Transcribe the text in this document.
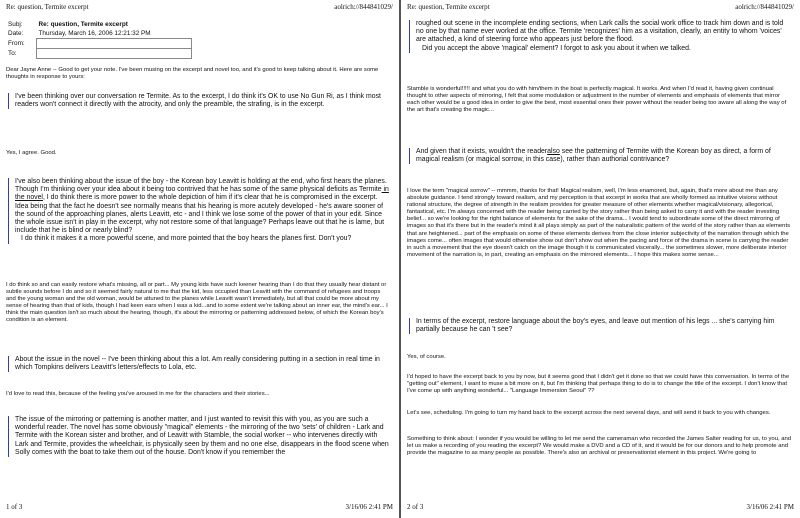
Re: question, Termite excerpt	aolrich://844841029/
Subj:	Re: question, Termite excerpt
Date:	Thursday, March 16, 2006 12:21:32 PM
From:	
To:	

Dear Jayne Anne -- Good to get your note. I've been musing on the excerpt and novel too, and it's good to keep talking about it. Here are some thoughts in response to yours:

I've been thinking over our conversation re Termite. As to the excerpt, I do think it's OK to use No Gun Ri, as I think most readers won't connect it directly with the atrocity, and only the preamble, the strafing, is in the excerpt.

Yes, I agree. Good.

I've also been thinking about the issue of the boy - the Korean boy Leavitt is holding at the end, who first hears the planes. Though I'm thinking over your idea about it being too contrived that he has some of the same physical deficits as Termite in the novel, I do think there is more power to the whole depiction of him if it's clear that he is compromised in the excerpt. Idea being that the fact he doesn't see normally means that his hearing is more acutely developed - he's aware sooner of the sound of the approaching planes, alerts Leavitt, etc - and I think we lose some of the power of that in your edit. Since the whole issue isn't in play in the excerpt, why not restore some of that language? Perhaps leave out that he is lame, but include that he is blind or nearly blind?

I do think it makes it a more powerful scene, and more pointed that the boy hears the planes first. Don't you?

I do think so and can easily restore what's missing, all or part... My young kids have such keener hearing than I do that they usually hear distant or subtle sounds before I do and so it seemed fairly natural to me that the kid, less occupied than Leavitt with the command of refugees and troops and the young woman and the old woman, would be attuned to the planes while Leavitt wasn't immediately, but all that could be more about my sense of hearing than that of kids, though I had keen ears when I was a kid...and to some extent we're talking about an inner ear, the mind's ear... I think the main question isn't so much about the hearing, though, it's about the mirroring or patterning addressed below, of which the Korean boy's condition is an element.

About the issue in the novel -- I've been thinking about this a lot. Am really considering putting in a section in real time in which Tompkins delivers Leavitt's letters/effects to Lola, etc.

I'd love to read this, because of the feeling you've aroused in me for the characters and their stories...

The issue of the mirroring or patterning is another matter, and I just wanted to revisit this with you, as you are such a wonderful reader. The novel has some obviously "magical" elements - the mirroring of the two 'sets' of children - Lark and Termite with the Korean sister and brother, and of Leavitt with Stamble, the social worker -- who intervenes directly with Lark and Termite, provides the wheelchair, is physically seen by them and no one else, disappears in the flood scene when Solly comes with the boat to take them out of the house. Don't know if you remember the

1 of 3	3/16/06 2:41 PM
Re: question, Termite excerpt	aolrich://844841029/

roughed out scene in the incomplete ending sections, when Lark calls the social work office to track him down and is told no one by that name ever worked at the office. Termite 'recognizes' him as a visitation, clearly, an entity to whom 'voices' are attached, a kind of steering force who appears just before the flood.

Did you accept the above 'magical' element? I forgot to ask you about it when we talked.

Stamble is wonderful!!!!! and what you do with him/them in the boat is perfectly magical. It works. And when I'd read it, having given continual thought to other aspects of mirroring, I felt that some modulation or adjustment in the number of elements and emphasis of elements that mirror each other would be a good idea in order to give the best, most essential ones their power without the reader being too aware all along the way of the art that's creating the magic...

And given that it exists, wouldn't the readeralso see the patterning of Termite with the Korean boy as direct, a form of magical realism (or magical sorrow, in this case), rather than authorial contrivance?

I love the term "magical sorrow" -- mmmm, thanks for that! Magical realism, well, I'm less enamored, but, again, that's more about me than any absolute guidance. I tend strongly toward realism, and my perception is that excerpt in works that are wholly formed as intuitive visions without rational structure, the degree of strength in the realism provides for greater measure of other elements whether magical/visionary, allegorical, fantastical, etc. I'm always concerned with the reader being carried by the story rather than being asked to carry it and with the reader investing belief... so we're looking for the right balance of elements for the sake of the drama... I would tend to subordinate some of the direct mirroring of images so that it's there but in the reader's mind it all plays simply as part of the naturalistic pattern of the world of the story rather than as elements that are heightened... part of the emphasis on some of these elements derives from the close interior subjectivity of the narration through which the images come... often images that would otherwise show out don't show out when the pacing and force of the drama in scene is carrying the reader in such a movement that the eye doesn't catch on the image though it is communicated viscerally... the sometimes slower, more deliberate interior movement of the narration is, in part, creating an emphasis on the mirrored elements... I hope this makes some sense...

In terms of the excerpt, restore language about the boy's eyes, and leave out mention of his legs ... she's carrying him partially because he can 't see?

Yes, of course.

I'd hoped to have the excerpt back to you by now, but it seems good that I didn't get it done so that we could have this conversation. In terms of the "getting out" element, I want to muse a bit more on it, but I'm thinking that perhaps thing to do is to change the title of the excerpt. I don't know that I've come up with anything wonderful... "Language Immersion Seoul" ??

Let's see, scheduling. I'm going to turn my hand back to the excerpt across the next several days, and will send it back to you with changes.

Something to think about: I wonder if you would be willing to let me send the cameraman who recorded the James Salter reading for us, to you, and let us make a recording of you reading the excerpt? We would make a DVD and a CD of it, and it would be for our donors and to help promote and provide the magazine to as many people as possible. There's also an archival or preservationist element in this project. We're going to

2 of 3	3/16/06 2:41 PM
